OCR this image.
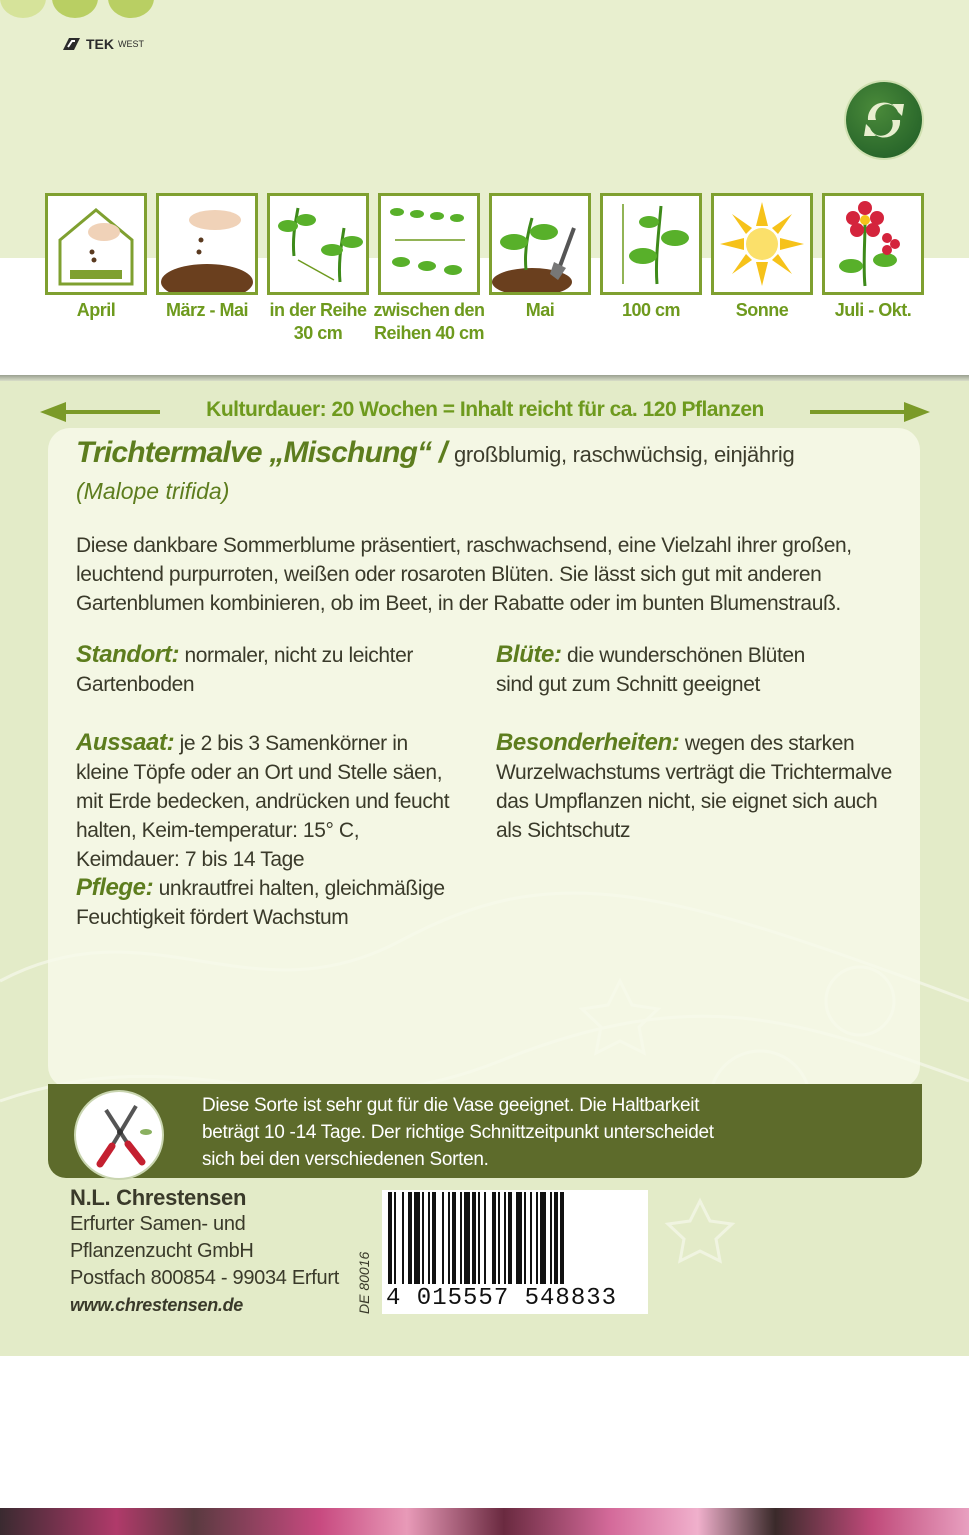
TEK WEST
April	März - Mai	in der Reihe 30 cm
zwischen den Reihen 40 cm
Mai	100 cm	Sonne	Juli - Okt.
Kulturdauer: 20 Wochen = Inhalt reicht für ca. 120 Pflanzen
Trichtermalve „Mischung“ / großblumig, raschwüchsig, einjährig
(Malope trifida)
Diese dankbare Sommerblume präsentiert, raschwachsend, eine Vielzahl ihrer großen, leuchtend purpurroten, weißen oder rosaroten Blüten. Sie lässt sich gut mit anderen Gartenblumen kombinieren, ob im Beet, in der Rabatte oder im bunten Blumenstrauß.
Standort: normaler, nicht zu leichter Gartenboden
Aussaat: je 2 bis 3 Samenkörner in kleine Töpfe oder an Ort und Stelle säen, mit Erde bedecken, andrücken und feucht halten, Keim-temperatur: 15° C, Keimdauer: 7 bis 14 Tage
Pflege: unkrautfrei halten, gleichmäßige Feuchtigkeit fördert Wachstum
Blüte: die wunderschönen Blüten sind gut zum Schnitt geeignet
Besonderheiten: wegen des starken Wurzelwachstums verträgt die Trichtermalve das Umpflanzen nicht, sie eignet sich auch als Sichtschutz
Diese Sorte ist sehr gut für die Vase geeignet. Die Haltbarkeit beträgt 10 -14 Tage. Der richtige Schnittzeitpunkt unterscheidet sich bei den verschiedenen Sorten.
N.L. Chrestensen
Erfurter Samen- und
Pflanzenzucht GmbH
Postfach 800854 - 99034 Erfurt
www.chrestensen.de	DE 80016 4 015557 548833
